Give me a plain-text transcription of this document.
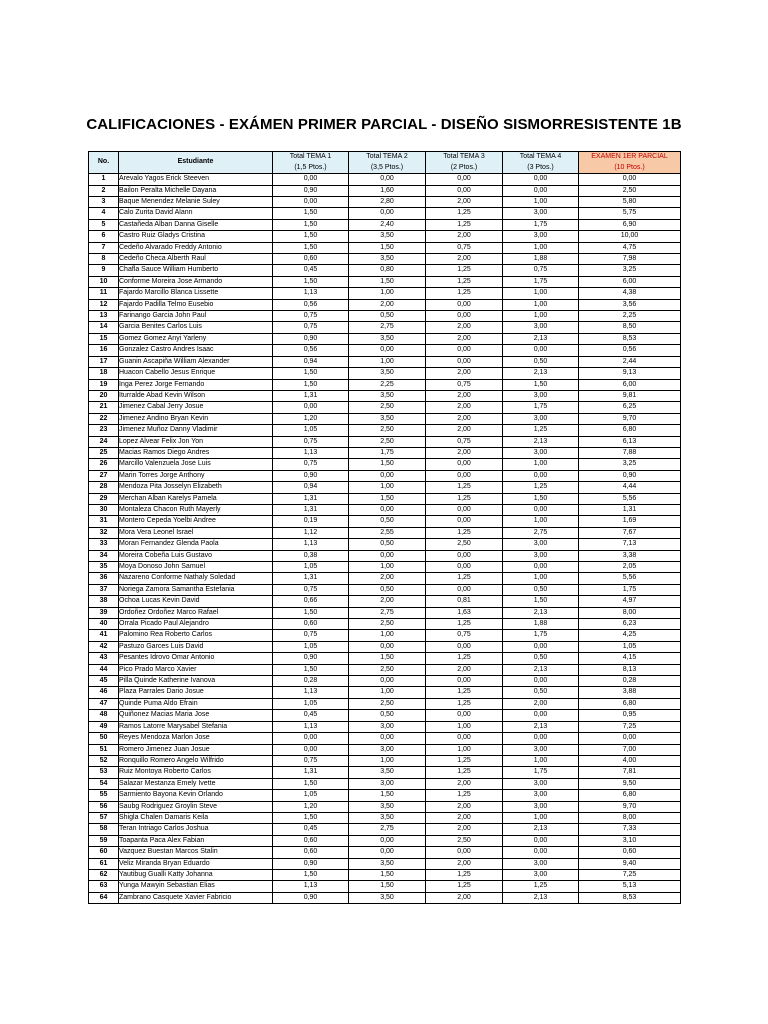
CALIFICACIONES - EXÁMEN PRIMER PARCIAL - DISEÑO SISMORRESISTENTE 1B
No.	Estudiante	Total TEMA 1	Total TEMA 2	Total TEMA 3	Total TEMA 4	EXAMEN 1ER PARCIAL
		(1,5 Ptos.)	(3,5 Ptos.)	(2 Ptos.)	(3 Ptos.)	(10 Ptos.)
1	Arevalo Yagos Erick Steeven	0,00	0,00	0,00	0,00	0,00
2	Bailon Peralta Michelle Dayana	0,90	1,60	0,00	0,00	2,50
3	Baque Menendez Melanie Suley	0,00	2,80	2,00	1,00	5,80
4	Calo Zurita David Alann	1,50	0,00	1,25	3,00	5,75
5	Castañeda Alban Danna Giselle	1,50	2,40	1,25	1,75	6,90
6	Castro Ruiz Gladys Cristina	1,50	3,50	2,00	3,00	10,00
7	Cedeño Alvarado Freddy Antonio	1,50	1,50	0,75	1,00	4,75
8	Cedeño Checa Alberth Raul	0,60	3,50	2,00	1,88	7,98
9	Chafla Sauce William Humberto	0,45	0,80	1,25	0,75	3,25
10	Conforme Moreira Jose Armando	1,50	1,50	1,25	1,75	6,00
11	Fajardo Marcillo Blanca Lissette	1,13	1,00	1,25	1,00	4,38
12	Fajardo Padilla Telmo Eusebio	0,56	2,00	0,00	1,00	3,56
13	Farinango Garcia John Paul	0,75	0,50	0,00	1,00	2,25
14	Garcia Benites Carlos Luis	0,75	2,75	2,00	3,00	8,50
15	Gomez Gomez Anyi Yarleny	0,90	3,50	2,00	2,13	8,53
16	Gonzalez Castro Andres Isaac	0,56	0,00	0,00	0,00	0,56
17	Guanin Ascapiña William Alexander	0,94	1,00	0,00	0,50	2,44
18	Huacon Cabello Jesus Enrique	1,50	3,50	2,00	2,13	9,13
19	Inga Perez Jorge Fernando	1,50	2,25	0,75	1,50	6,00
20	Iturralde Abad Kevin Wilson	1,31	3,50	2,00	3,00	9,81
21	Jimenez Cabal Jerry Josue	0,00	2,50	2,00	1,75	6,25
22	Jimenez Andino Bryan Kevin	1,20	3,50	2,00	3,00	9,70
23	Jimenez Muñoz Danny Vladimir	1,05	2,50	2,00	1,25	6,80
24	Lopez Alvear Felix Jon Yon	0,75	2,50	0,75	2,13	6,13
25	Macias Ramos Diego Andres	1,13	1,75	2,00	3,00	7,88
26	Marcillo Valenzuela Jose Luis	0,75	1,50	0,00	1,00	3,25
27	Marin Torres Jorge Anthony	0,90	0,00	0,00	0,00	0,90
28	Mendoza Pita Josselyn Elizabeth	0,94	1,00	1,25	1,25	4,44
29	Merchan Alban Karelys Pamela	1,31	1,50	1,25	1,50	5,56
30	Montaleza Chacon Ruth Mayerly	1,31	0,00	0,00	0,00	1,31
31	Montero Cepeda Yoelbi Andree	0,19	0,50	0,00	1,00	1,69
32	Mora Vera Leonel Israel	1,12	2,55	1,25	2,75	7,67
33	Moran Fernandez Glenda Paola	1,13	0,50	2,50	3,00	7,13
34	Moreira Cobeña Luis Gustavo	0,38	0,00	0,00	3,00	3,38
35	Moya Donoso John Samuel	1,05	1,00	0,00	0,00	2,05
36	Nazareno Conforme Nathaly Soledad	1,31	2,00	1,25	1,00	5,56
37	Noriega Zamora Samantha Estefania	0,75	0,50	0,00	0,50	1,75
38	Ochoa Lucas Kevin David	0,66	2,00	0,81	1,50	4,97
39	Ordoñez Ordoñez Marco Rafael	1,50	2,75	1,63	2,13	8,00
40	Orrala Picado Paul Alejandro	0,60	2,50	1,25	1,88	6,23
41	Palomino Rea Roberto Carlos	0,75	1,00	0,75	1,75	4,25
42	Pastuzo Garces Luis David	1,05	0,00	0,00	0,00	1,05
43	Pesantes Idrovo Omar Antonio	0,90	1,50	1,25	0,50	4,15
44	Pico Prado Marco Xavier	1,50	2,50	2,00	2,13	8,13
45	Pilla Quinde Katherine Ivanova	0,28	0,00	0,00	0,00	0,28
46	Plaza Parrales Dario Josue	1,13	1,00	1,25	0,50	3,88
47	Quinde Puma Aldo Efrain	1,05	2,50	1,25	2,00	6,80
48	Quiñonez Macias Maria Jose	0,45	0,50	0,00	0,00	0,95
49	Ramos Latorre Marysabel Stefania	1,13	3,00	1,00	2,13	7,25
50	Reyes Mendoza Marlon Jose	0,00	0,00	0,00	0,00	0,00
51	Romero Jimenez Juan Josue	0,00	3,00	1,00	3,00	7,00
52	Ronquillo Romero Angelo Wilfrido	0,75	1,00	1,25	1,00	4,00
53	Ruiz Montoya Roberto Carlos	1,31	3,50	1,25	1,75	7,81
54	Salazar Mestanza Emely Ivette	1,50	3,00	2,00	3,00	9,50
55	Sarmiento Bayona Kevin Orlando	1,05	1,50	1,25	3,00	6,80
56	Saubg Rodriguez Groylin Steve	1,20	3,50	2,00	3,00	9,70
57	Shigla Chalen Damaris Keila	1,50	3,50	2,00	1,00	8,00
58	Teran Intriago Carlos Joshua	0,45	2,75	2,00	2,13	7,33
59	Toapanta Paca Alex Fabian	0,60	0,00	2,50	0,00	3,10
60	Vazquez Buestan Marcos Stalin	0,60	0,00	0,00	0,00	0,60
61	Veliz Miranda Bryan Eduardo	0,90	3,50	2,00	3,00	9,40
62	Yautibug Gualli Katty Johanna	1,50	1,50	1,25	3,00	7,25
63	Yunga Mawyin Sebastian Elias	1,13	1,50	1,25	1,25	5,13
64	Zambrano Casquete Xavier Fabricio	0,90	3,50	2,00	2,13	8,53
